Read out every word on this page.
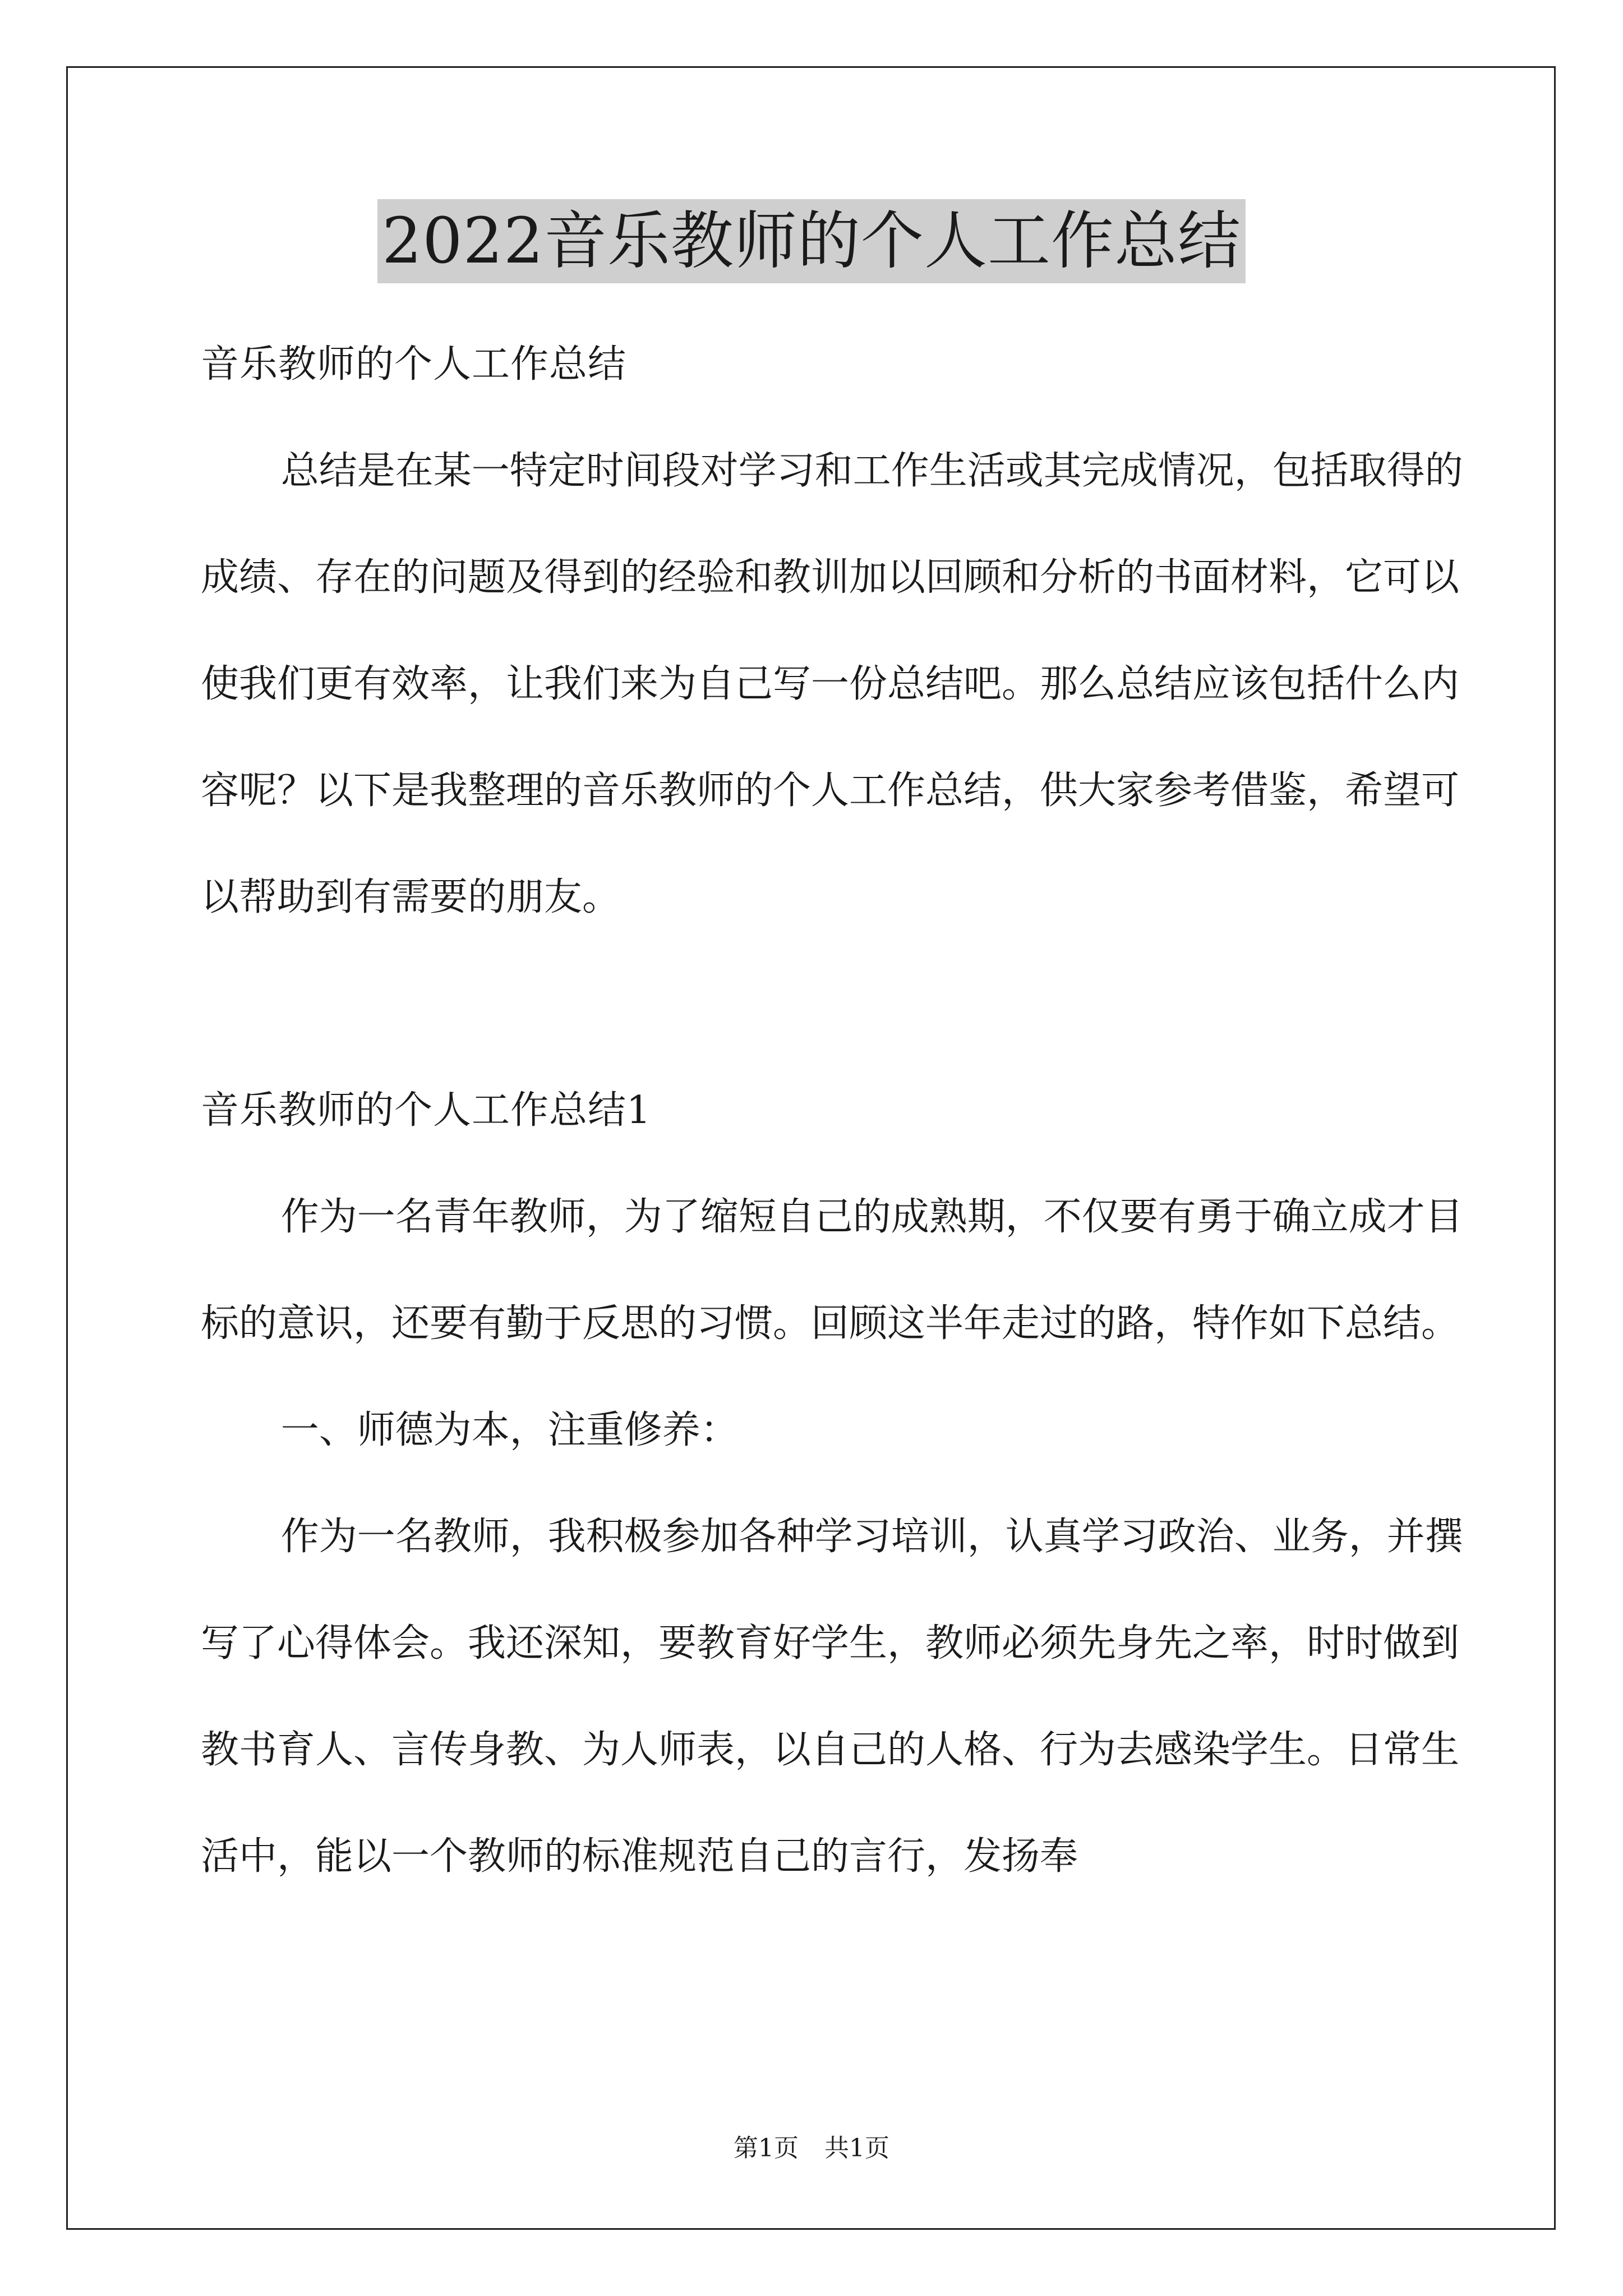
2022音乐教师的个人工作总结

音乐教师的个人工作总结

总结是在某一特定时间段对学习和工作生活或其完成情况，包括取得的成绩、存在的问题及得到的经验和教训加以回顾和分析的书面材料，它可以使我们更有效率，让我们来为自己写一份总结吧。那么总结应该包括什么内容呢？以下是我整理的音乐教师的个人工作总结，供大家参考借鉴，希望可以帮助到有需要的朋友。

音乐教师的个人工作总结1

作为一名青年教师，为了缩短自己的成熟期，不仅要有勇于确立成才目标的意识，还要有勤于反思的习惯。回顾这半年走过的路，特作如下总结。

一、师德为本，注重修养：

作为一名教师，我积极参加各种学习培训，认真学习政治、业务，并撰写了心得体会。我还深知，要教育好学生，教师必须先身先之率，时时做到教书育人、言传身教、为人师表，以自己的人格、行为去感染学生。日常生活中，能以一个教师的标准规范自己的言行，发扬奉

第1页 共1页
